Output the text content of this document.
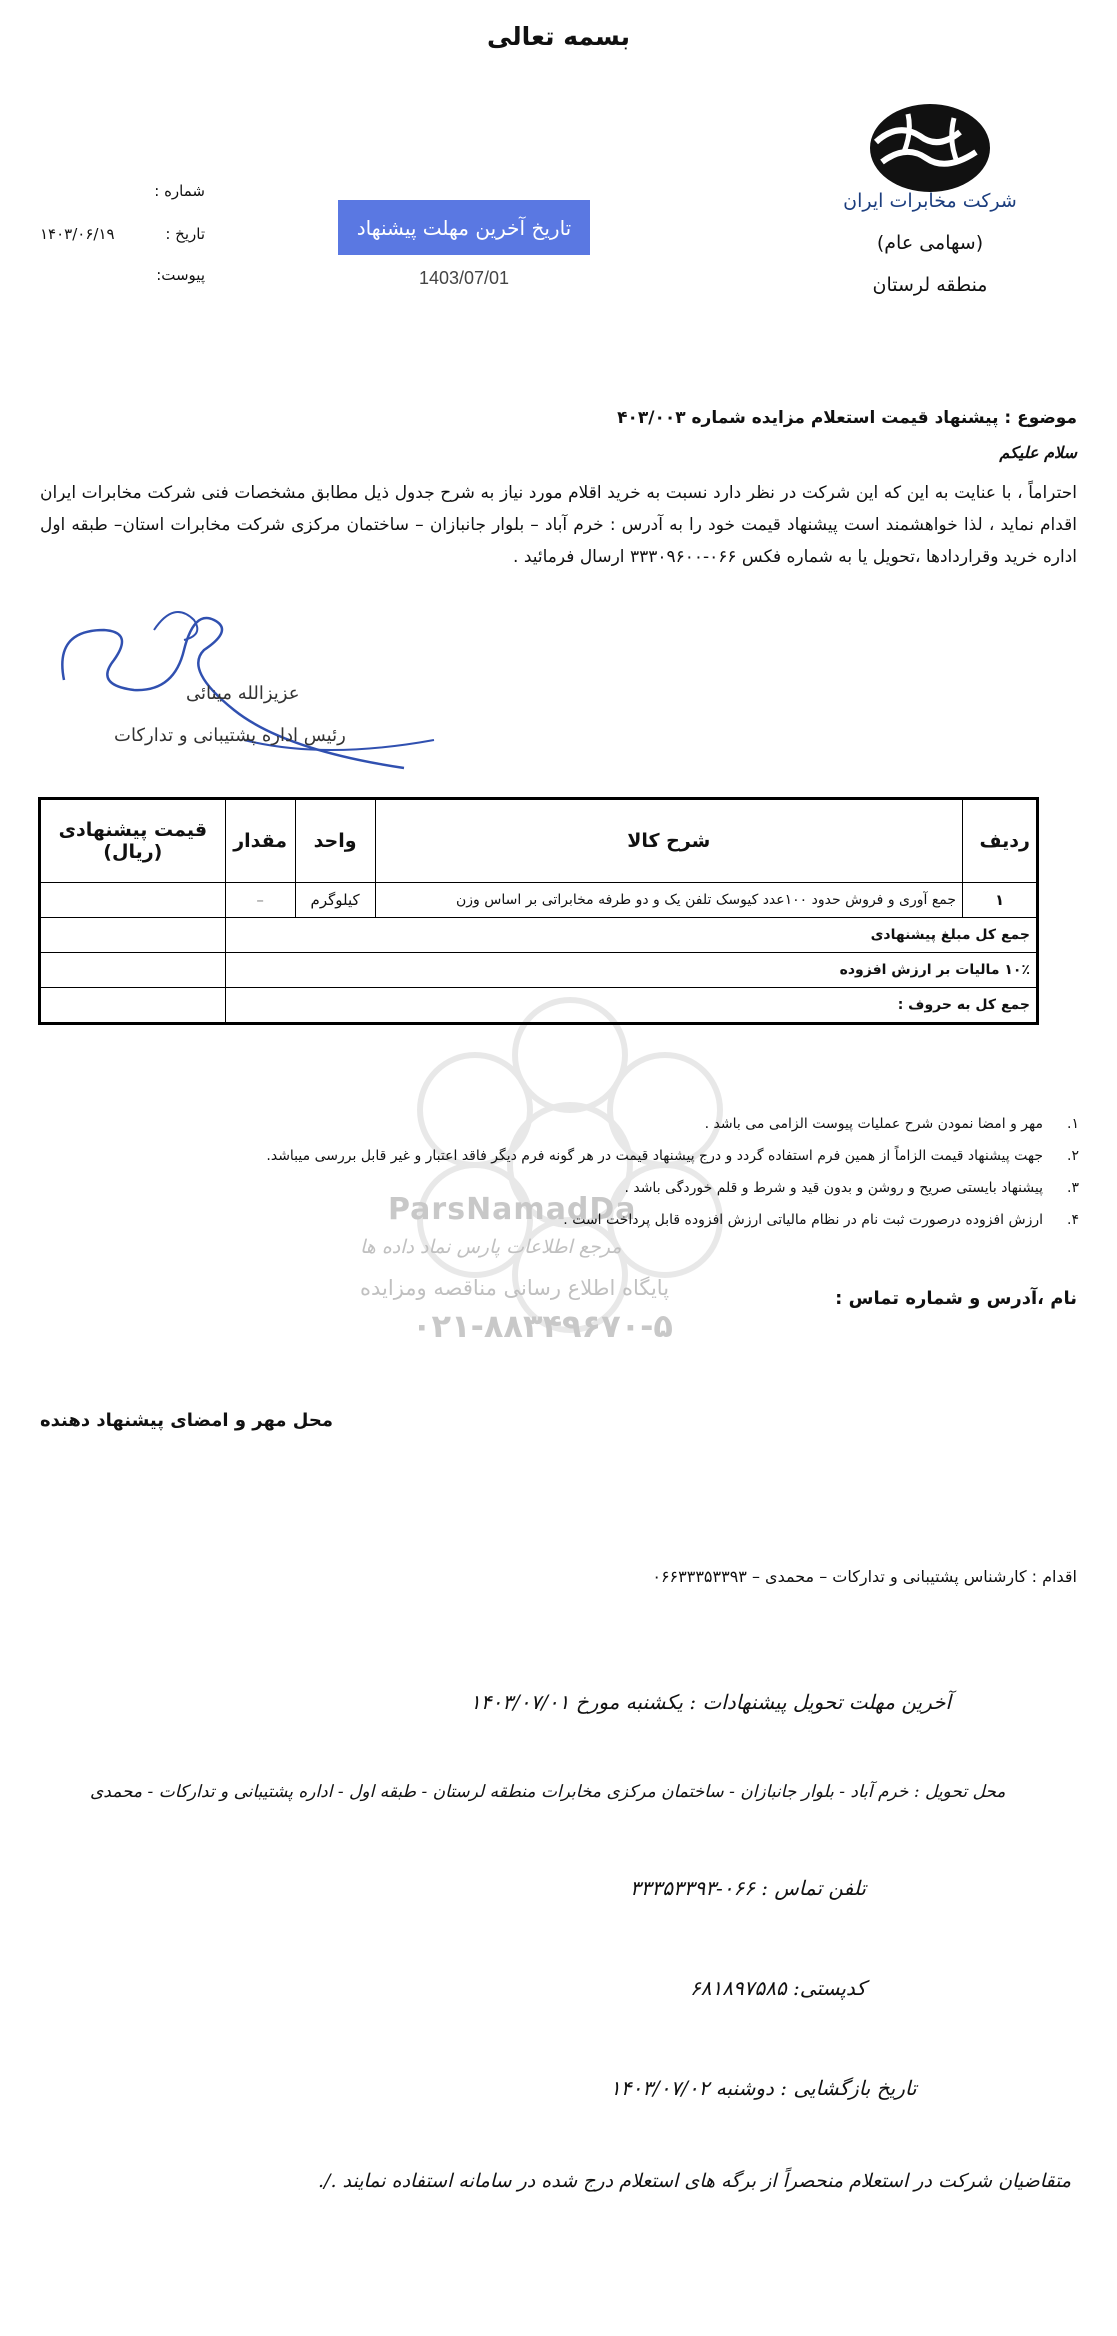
بسمه تعالی
شرکت مخابرات ایران
(سهامی عام)
منطقه لرستان
تاریخ آخرین مهلت پیشنهاد
1403/07/01
شماره :
تاریخ :
۱۴۰۳/۰۶/۱۹
پیوست:
موضوع : پیشنهاد قیمت استعلام مزایده شماره ۴۰۳/۰۰۳
سلام علیکم
احتراماً ، با عنایت به این که این شرکت در نظر دارد نسبت به خرید اقلام مورد نیاز به شرح جدول ذیل مطابق مشخصات فنی شرکت مخابرات ایران اقدام نماید ، لذا خواهشمند است پیشنهاد قیمت خود را به آدرس : خرم آباد – بلوار جانبازان – ساختمان مرکزی شرکت مخابرات استان– طبقه اول اداره خرید وقراردادها ،تحویل یا به شماره فکس ۰۶۶-۳۳۳۰۹۶۰۰ ارسال فرمائید .
عزیزالله مینائی
رئیس اداره پشتیبانی و تدارکات
ParsNamadDa
مرجع اطلاعات پارس نماد داده ها
پایگاه اطلاع رسانی مناقصه ومزایده
۰۲۱-۸۸۳۴۹۶۷۰-۵
ردیف	شرح کالا	واحد	مقدار	قیمت پیشنهادی (ریال)
۱	جمع آوری و فروش حدود ۱۰۰عدد کیوسک تلفن یک و دو طرفه مخابراتی بر اساس وزن	کیلوگرم	–	
جمع کل مبلغ پیشنهادی				
۱۰٪ مالیات بر ارزش افزوده				
جمع کل به حروف :				
۱.مهر و امضا نمودن شرح عملیات پیوست الزامی می باشد .
۲.جهت پیشنهاد قیمت الزاماً از همین فرم استفاده گردد و درج پیشنهاد قیمت در هر گونه فرم دیگر فاقد اعتبار و غیر قابل بررسی میباشد.
۳.پیشنهاد بایستی صریح و روشن و بدون قید و شرط و قلم خوردگی باشد .
۴.ارزش افزوده درصورت ثبت نام در نظام مالیاتی ارزش افزوده قابل پرداخت است .
نام ،آدرس و شماره تماس :
محل مهر و امضای پیشنهاد دهنده
اقدام : کارشناس پشتیبانی و تدارکات – محمدی – ۰۶۶۳۳۳۵۳۳۹۳
آخرین مهلت تحویل پیشنهادات : یکشنبه مورخ ۱۴۰۳/۰۷/۰۱
محل تحویل : خرم آباد - بلوار جانبازان - ساختمان مرکزی مخابرات منطقه لرستان - طبقه اول - اداره پشتیبانی و تدارکات - محمدی
تلفن تماس : ۰۶۶-۳۳۳۵۳۳۹۳
کدپستی: ۶۸۱۸۹۷۵۸۵
تاریخ بازگشایی : دوشنبه ۱۴۰۳/۰۷/۰۲
متقاضیان شرکت در استعلام منحصراً از برگه های استعلام درج شده در سامانه استفاده نمایند ./.
